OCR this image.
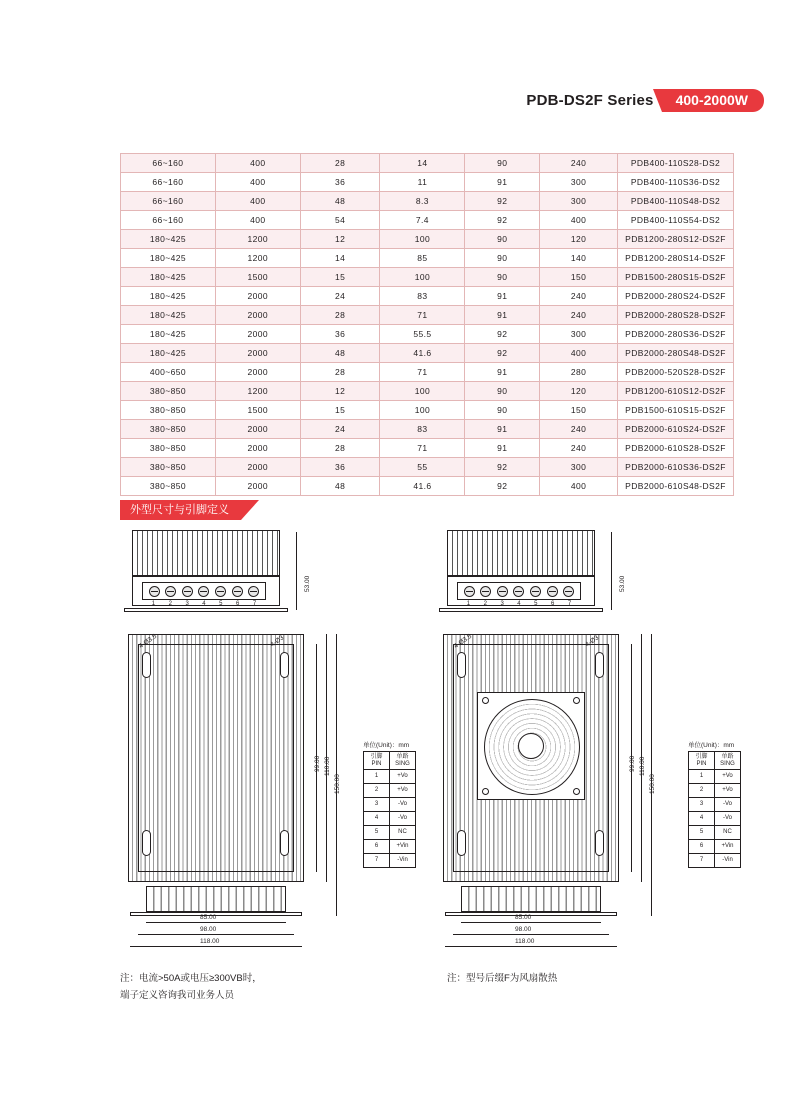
PDB-DS2F Series	400-2000W
66~160	400	28	14	90	240	PDB400-110S28-DS2
66~160	400	36	11	91	300	PDB400-110S36-DS2
66~160	400	48	8.3	92	300	PDB400-110S48-DS2
66~160	400	54	7.4	92	400	PDB400-110S54-DS2
180~425	1200	12	100	90	120	PDB1200-280S12-DS2F
180~425	1200	14	85	90	140	PDB1200-280S14-DS2F
180~425	1500	15	100	90	150	PDB1500-280S15-DS2F
180~425	2000	24	83	91	240	PDB2000-280S24-DS2F
180~425	2000	28	71	91	240	PDB2000-280S28-DS2F
180~425	2000	36	55.5	92	300	PDB2000-280S36-DS2F
180~425	2000	48	41.6	92	400	PDB2000-280S48-DS2F
400~650	2000	28	71	91	280	PDB2000-520S28-DS2F
380~850	1200	12	100	90	120	PDB1200-610S12-DS2F
380~850	1500	15	100	90	150	PDB1500-610S15-DS2F
380~850	2000	24	83	91	240	PDB2000-610S24-DS2F
380~850	2000	28	71	91	240	PDB2000-610S28-DS2F
380~850	2000	36	55	92	300	PDB2000-610S36-DS2F
380~850	2000	48	41.6	92	400	PDB2000-610S48-DS2F
外型尺寸与引脚定义
1 2 3 4 5 6 7
53.00
4-Ø3.5	4-Ø3
99.00 110.00
150.00
85.00
98.00
118.00
1 2 3 4 5 6 7
53.00
4-Ø3.5	4-Ø3
99.00 110.00
150.00
85.00
98.00
118.00
单位(Unit)：mm
引脚
PIN

单路
SING

1	+Vo
2	+Vo
3	-Vo
4	-Vo
5	NC
6	+Vin
7	-Vin
单位(Unit)：mm
引脚
PIN

单路
SING

1	+Vo
2	+Vo
3	-Vo
4	-Vo
5	NC
6	+Vin
7	-Vin
注：电流>50A或电压≥300VB时，
端子定义咨询我司业务人员
注：型号后缀F为风扇散热
